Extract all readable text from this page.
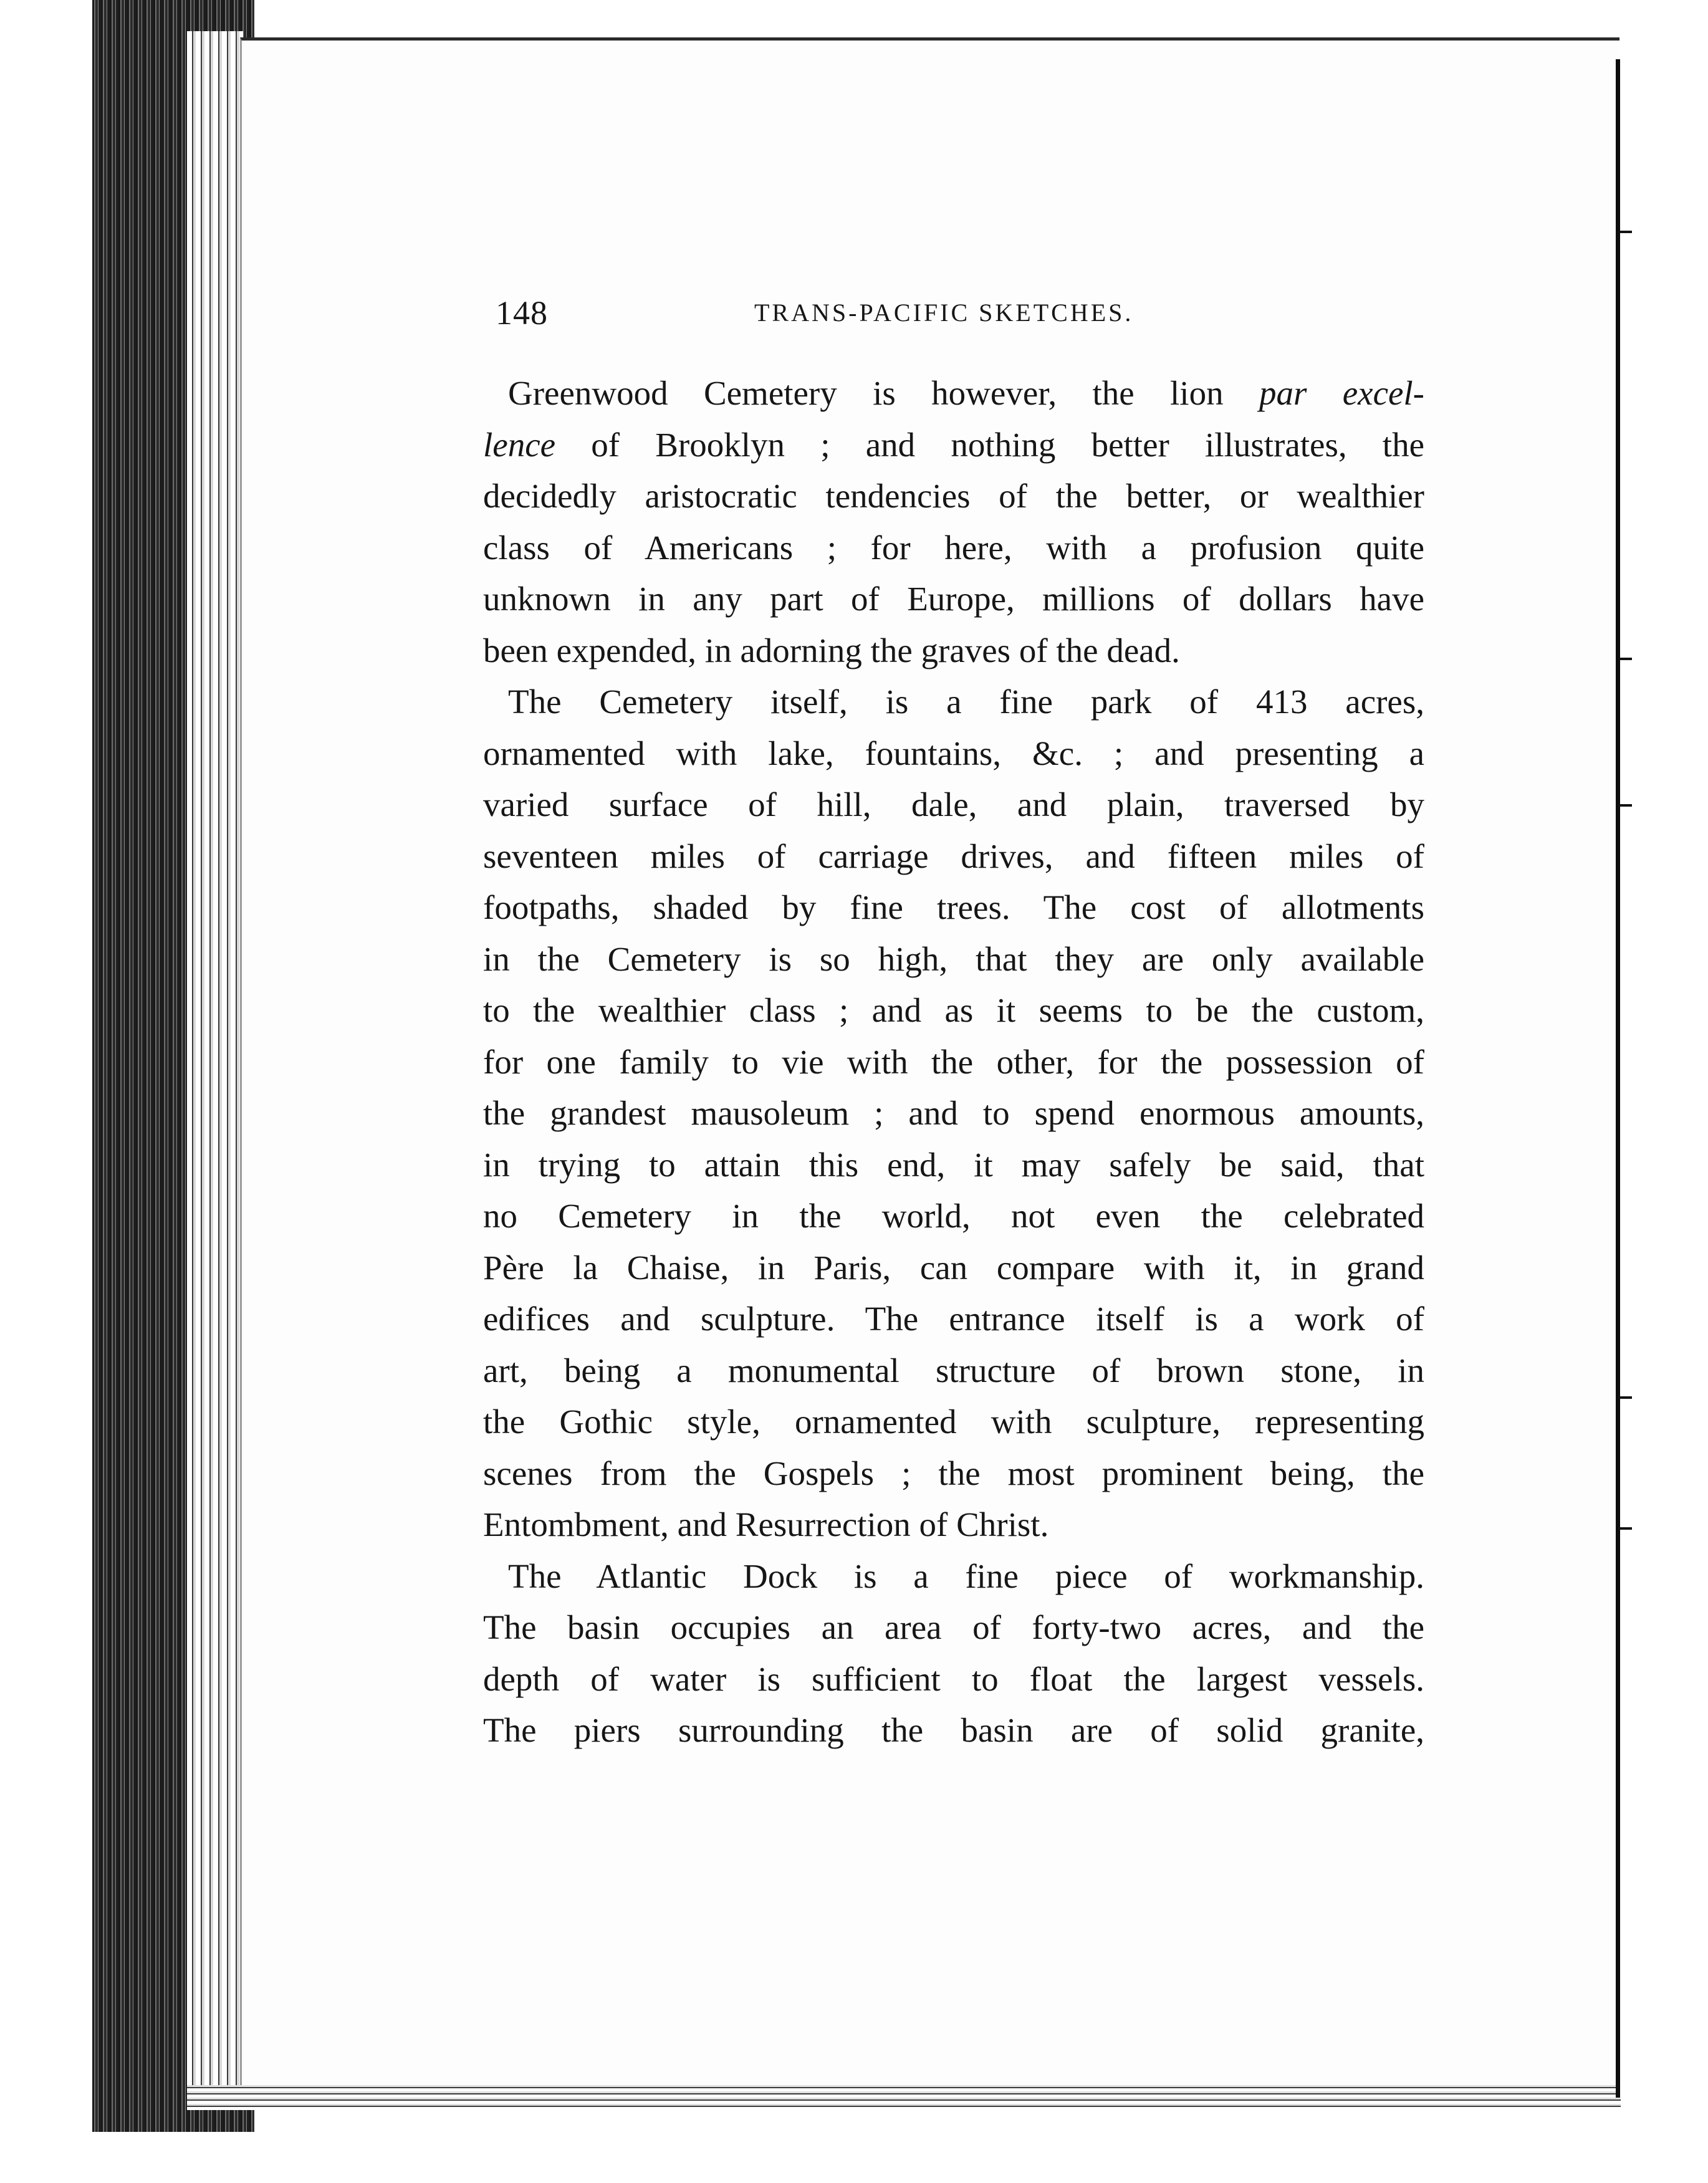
148	TRANS-PACIFIC SKETCHES.

Greenwood Cemetery is however, the lion par excel-
lence of Brooklyn ; and nothing better illustrates, the
decidedly aristocratic tendencies of the better, or wealthier
class of Americans ; for here, with a profusion quite
unknown in any part of Europe, millions of dollars have
been expended, in adorning the graves of the dead.

The Cemetery itself, is a fine park of 413 acres,
ornamented with lake, fountains, &c. ; and presenting a
varied surface of hill, dale, and plain, traversed by
seventeen miles of carriage drives, and fifteen miles of
footpaths, shaded by fine trees. The cost of allotments
in the Cemetery is so high, that they are only available
to the wealthier class ; and as it seems to be the custom,
for one family to vie with the other, for the possession of
the grandest mausoleum ; and to spend enormous amounts,
in trying to attain this end, it may safely be said, that
no Cemetery in the world, not even the celebrated
Père la Chaise, in Paris, can compare with it, in grand
edifices and sculpture. The entrance itself is a work of
art, being a monumental structure of brown stone, in
the Gothic style, ornamented with sculpture, representing
scenes from the Gospels ; the most prominent being, the
Entombment, and Resurrection of Christ.

The Atlantic Dock is a fine piece of workmanship.
The basin occupies an area of forty-two acres, and the
depth of water is sufficient to float the largest vessels.
The piers surrounding the basin are of solid granite,
